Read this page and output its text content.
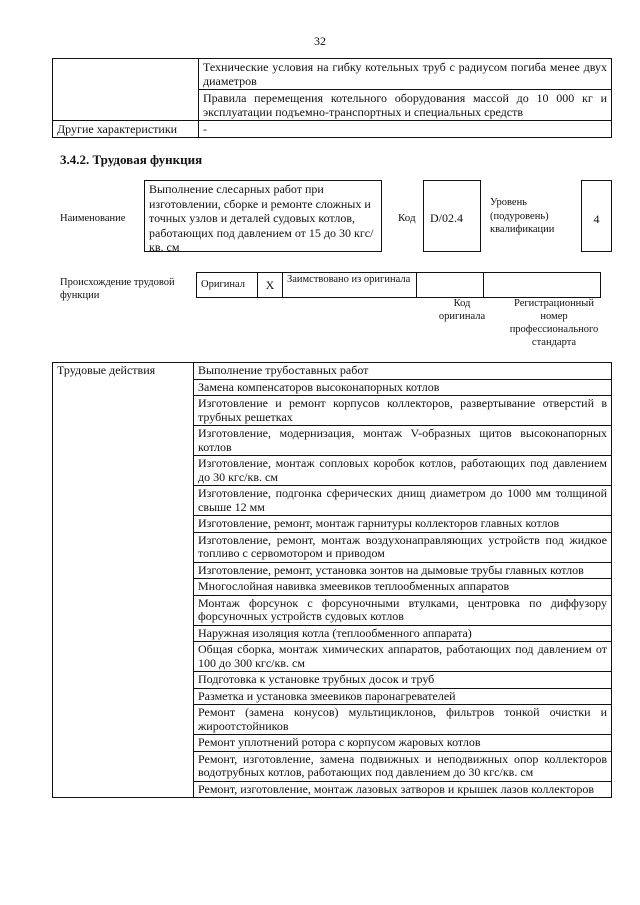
32
	Технические условия на гибку котельных труб с радиусом погиба менее двух диаметров
	Правила перемещения котельного оборудования массой до 10 000 кг и эксплуатации подъемно-транспортных и специальных средств
Другие характеристики	-
3.4.2. Трудовая функция
Наименование
Выполнение слесарных работ при изготовлении, сборке и ремонте сложных и точных узлов и деталей судовых котлов, работающих под давлением от 15 до 30 кгс/кв. см
Код	D/02.4
Уровень (подуровень) квалификации
4
Происхождение трудовой функции
Оригинал	X	Заимствовано из оригинала		
Код оригинала
Регистрационный номер профессионального стандарта
Трудовые действия	Выполнение трубоставных работ
Замена компенсаторов высоконапорных котлов
Изготовление и ремонт корпусов коллекторов, развертывание отверстий в трубных решетках
Изготовление, модернизация, монтаж V-образных щитов высоконапорных котлов
Изготовление, монтаж сопловых коробок котлов, работающих под давлением до 30 кгс/кв. см
Изготовление, подгонка сферических днищ диаметром до 1000 мм толщиной свыше 12 мм
Изготовление, ремонт, монтаж гарнитуры коллекторов главных котлов
Изготовление, ремонт, монтаж воздухонаправляющих устройств под жидкое топливо с сервомотором и приводом
Изготовление, ремонт, установка зонтов на дымовые трубы главных котлов
Многослойная навивка змеевиков теплообменных аппаратов
Монтаж форсунок с форсуночными втулками, центровка по диффузору форсуночных устройств судовых котлов
Наружная изоляция котла (теплообменного аппарата)
Общая сборка, монтаж химических аппаратов, работающих под давлением от 100 до 300 кгс/кв. см
Подготовка к установке трубных досок и труб
Разметка и установка змеевиков паронагревателей
Ремонт (замена конусов) мультициклонов, фильтров тонкой очистки и жироотстойников
Ремонт уплотнений ротора с корпусом жаровых котлов
Ремонт, изготовление, замена подвижных и неподвижных опор коллекторов водотрубных котлов, работающих под давлением до 30 кгс/кв. см
Ремонт, изготовление, монтаж лазовых затворов и крышек лазов коллекторов
